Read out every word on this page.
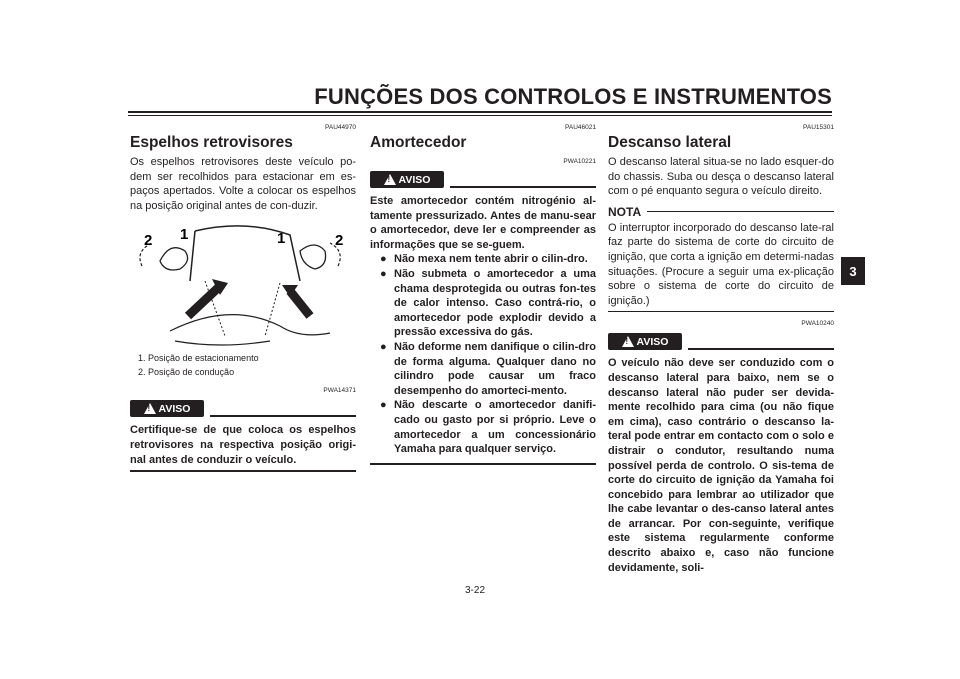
FUNÇÕES DOS CONTROLOS E INSTRUMENTOS
3
PAU44970
Espelhos retrovisores

Os espelhos retrovisores deste veículo po-dem ser recolhidos para estacionar em es-paços apertados. Volte a colocar os espelhos na posição original antes de con-duzir.

2 1	1	2
1. Posição de estacionamento
2. Posição de condução
PWA14371
! AVISO

Certifique-se de que coloca os espelhos retrovisores na respectiva posição origi-nal antes de conduzir o veículo.

PAU46021
Amortecedor
PWA10221
! AVISO

Este amortecedor contém nitrogénio al-tamente pressurizado. Antes de manu-sear o amortecedor, deve ler e compreender as informações que se se-guem.

● Não mexa nem tente abrir o cilin-dro.
● Não submeta o amortecedor a uma chama desprotegida ou outras fon-tes de calor intenso. Caso contrá-rio, o amortecedor pode explodir devido a pressão excessiva do gás.
● Não deforme nem danifique o cilin-dro de forma alguma. Qualquer dano no cilindro pode causar um fraco desempenho do amorteci-mento.
● Não descarte o amortecedor danifi-cado ou gasto por si próprio. Leve o amortecedor a um concessionário Yamaha para qualquer serviço.
PAU15301
Descanso lateral

O descanso lateral situa-se no lado esquer-do do chassis. Suba ou desça o descanso lateral com o pé enquanto segura o veículo direito.

NOTA

O interruptor incorporado do descanso late-ral faz parte do sistema de corte do circuito de ignição, que corta a ignição em determi-nadas situações. (Procure a seguir uma ex-plicação sobre o sistema de corte do circuito de ignição.)

PWA10240
! AVISO

O veículo não deve ser conduzido com o descanso lateral para baixo, nem se o descanso lateral não puder ser devida-mente recolhido para cima (ou não fique em cima), caso contrário o descanso la-teral pode entrar em contacto com o solo e distrair o condutor, resultando numa possível perda de controlo. O sis-tema de corte do circuito de ignição da Yamaha foi concebido para lembrar ao utilizador que lhe cabe levantar o des-canso lateral antes de arrancar. Por con-seguinte, verifique este sistema regularmente conforme descrito abaixo e, caso não funcione devidamente, soli-

3-22
